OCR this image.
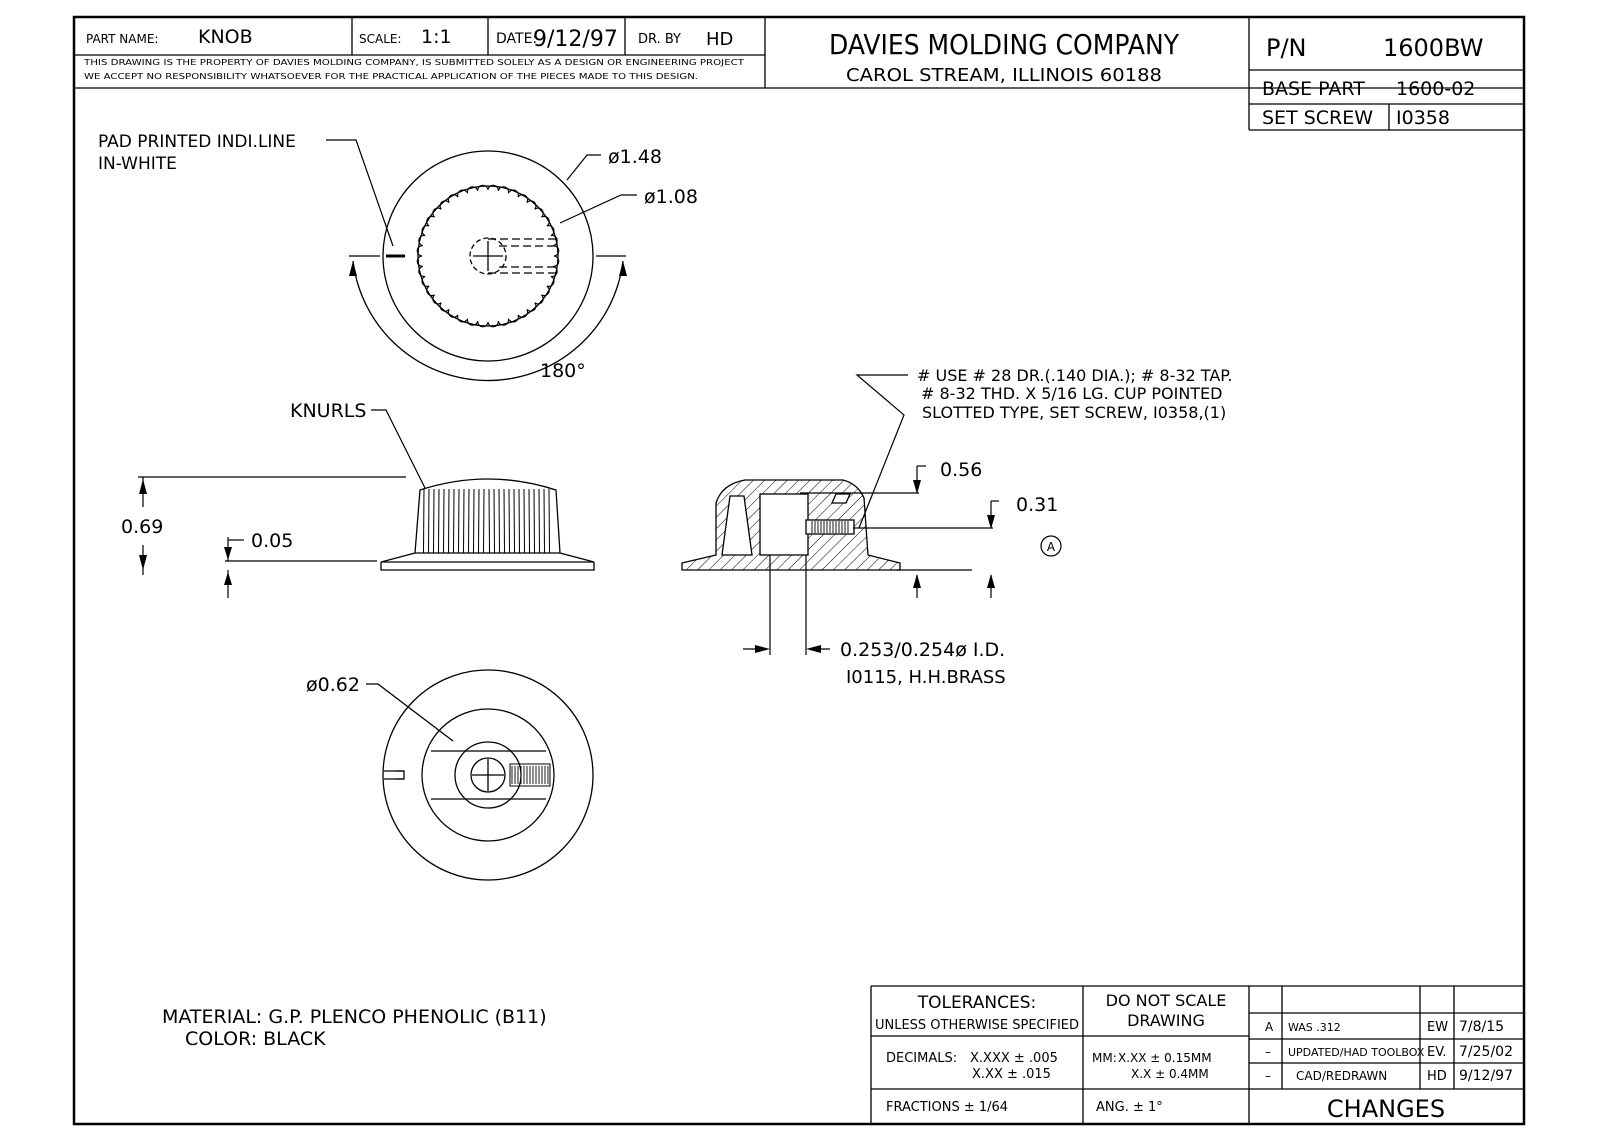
PART NAME: KNOB	SCALE: 1:1	DATE:
9/12/97 DR. BY HD
THIS DRAWING IS THE PROPERTY OF DAVIES MOLDING COMPANY, IS SUBMITTED SOLELY AS A DESIGN OR ENGINEERING PROJECT
WE ACCEPT NO RESPONSIBILITY WHATSOEVER FOR THE PRACTICAL APPLICATION OF THE PIECES MADE TO THIS DESIGN.
DAVIES MOLDING COMPANY
CAROL STREAM, ILLINOIS 60188
P/N	1600BW
BASE PART 1600-02
SET SCREW I0358
PAD PRINTED INDI.LINE
IN-WHITE	ø1.48
ø1.08
180°
KNURLS
0.69
0.05
# USE # 28 DR.(.140 DIA.); # 8-32 TAP.
# 8-32 THD. X 5/16 LG. CUP POINTED
SLOTTED TYPE, SET SCREW, I0358,(1)
0.56
0.31
A
0.253/0.254ø I.D.
I0115, H.H.BRASS
ø0.62
MATERIAL: G.P. PLENCO PHENOLIC (B11)
COLOR: BLACK
TOLERANCES:
UNLESS OTHERWISE SPECIFIED
DO NOT SCALE
DRAWING
DECIMALS: X.XXX ± .005
X.XX ± .015
MM: X.XX ± 0.15MM
X.X ± 0.4MM
FRACTIONS ± 1/64	ANG. ± 1°
A WAS .312	EW 7/8/15
– UPDATED/HAD TOOLBOX EV. 7/25/02
– CAD/REDRAWN	HD 9/12/97
CHANGES
